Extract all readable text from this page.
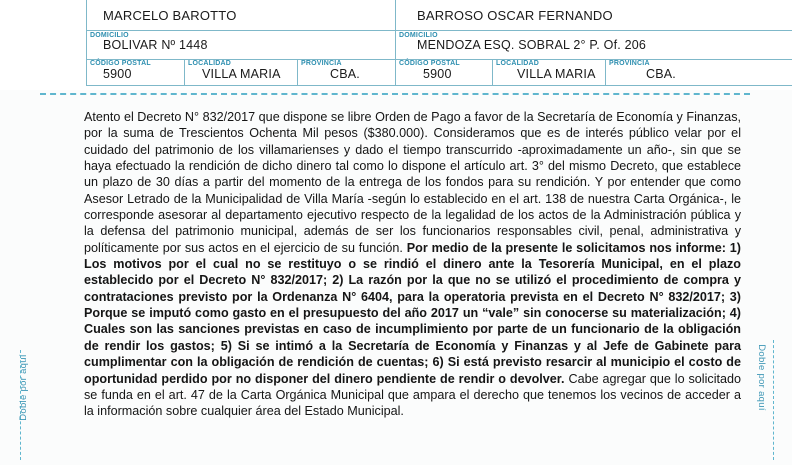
MARCELO BAROTTO
DOMICILIO
BOLIVAR Nº 1448
CÓDIGO POSTAL
5900
LOCALIDAD
VILLA MARIA
PROVINCIA
CBA.
BARROSO OSCAR FERNANDO
DOMICILIO
MENDOZA ESQ. SOBRAL 2° P. Of. 206
CÓDIGO POSTAL
5900
LOCALIDAD
VILLA MARIA
PROVINCIA
CBA.
Doble por aquí	Doble por aquí
Atento el Decreto N° 832/2017 que dispone se libre Orden de Pago a favor de la Secretaría de Economía y Finanzas, por la suma de Trescientos Ochenta Mil pesos ($380.000). Consideramos que es de interés público velar por el cuidado del patrimonio de los villamarienses y dado el tiempo transcurrido -aproximadamente un año-, sin que se haya efectuado la rendición de dicho dinero tal como lo dispone el artículo art. 3° del mismo Decreto, que establece un plazo de 30 días a partir del momento de la entrega de los fondos para su rendición. Y por entender que como Asesor Letrado de la Municipalidad de Villa María -según lo establecido en el art. 138 de nuestra Carta Orgánica-, le corresponde asesorar al departamento ejecutivo respecto de la legalidad de los actos de la Administración pública y la defensa del patrimonio municipal, además de ser los funcionarios responsables civil, penal, administrativa y políticamente por sus actos en el ejercicio de su función. Por medio de la presente le solicitamos nos informe: 1) Los motivos por el cual no se restituyo o se rindió el dinero ante la Tesorería Municipal, en el plazo establecido por el Decreto N° 832/2017; 2) La razón por la que no se utilizó el procedimiento de compra y contrataciones previsto por la Ordenanza N° 6404, para la operatoria prevista en el Decreto N° 832/2017; 3) Porque se imputó como gasto en el presupuesto del año 2017 un “vale” sin conocerse su materialización; 4) Cuales son las sanciones previstas en caso de incumplimiento por parte de un funcionario de la obligación de rendir los gastos; 5) Si se intimó a la Secretaría de Economía y Finanzas y al Jefe de Gabinete para cumplimentar con la obligación de rendición de cuentas; 6) Si está previsto resarcir al municipio el costo de oportunidad perdido por no disponer del dinero pendiente de rendir o devolver. Cabe agregar que lo solicitado se funda en el art. 47 de la Carta Orgánica Municipal que ampara el derecho que tenemos los vecinos de acceder a la información sobre cualquier área del Estado Municipal.
